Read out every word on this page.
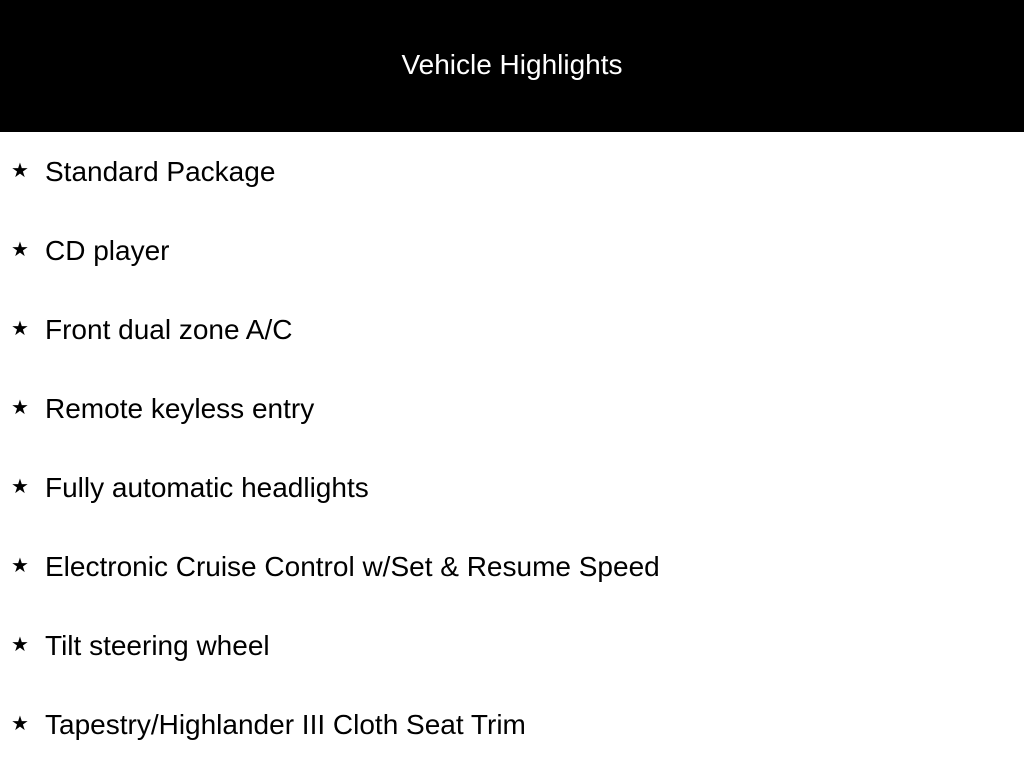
Vehicle Highlights
★ Standard Package
★ CD player
★ Front dual zone A/C
★ Remote keyless entry
★ Fully automatic headlights
★ Electronic Cruise Control w/Set & Resume Speed
★ Tilt steering wheel
★ Tapestry/Highlander III Cloth Seat Trim
